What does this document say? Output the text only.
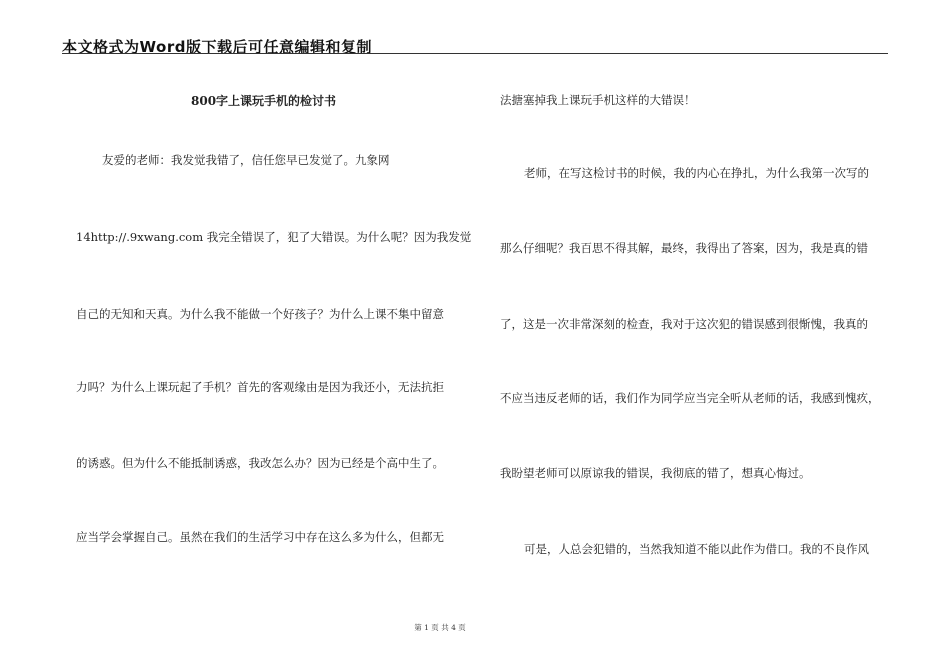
本文格式为Word版下载后可任意编辑和复制
800字上课玩手机的检讨书
友爱的老师：我发觉我错了，信任您早已发觉了。九象网
14http://.9xwang.com 我完全错误了，犯了大错误。为什么呢？因为我发觉
自己的无知和天真。为什么我不能做一个好孩子？为什么上课不集中留意
力吗？为什么上课玩起了手机？首先的客观缘由是因为我还小，无法抗拒
的诱惑。但为什么不能抵制诱惑，我改怎么办？因为已经是个高中生了。
应当学会掌握自己。虽然在我们的生活学习中存在这么多为什么，但都无
法搪塞掉我上课玩手机这样的大错误！
老师，在写这检讨书的时候，我的内心在挣扎，为什么我第一次写的
那么仔细呢？我百思不得其解，最终，我得出了答案，因为，我是真的错
了，这是一次非常深刻的检查，我对于这次犯的错误感到很惭愧，我真的
不应当违反老师的话，我们作为同学应当完全听从老师的话，我感到愧疚，
我盼望老师可以原谅我的错误，我彻底的错了，想真心悔过。
可是，人总会犯错的，当然我知道不能以此作为借口。我的不良作风
第 1 页 共 4 页
